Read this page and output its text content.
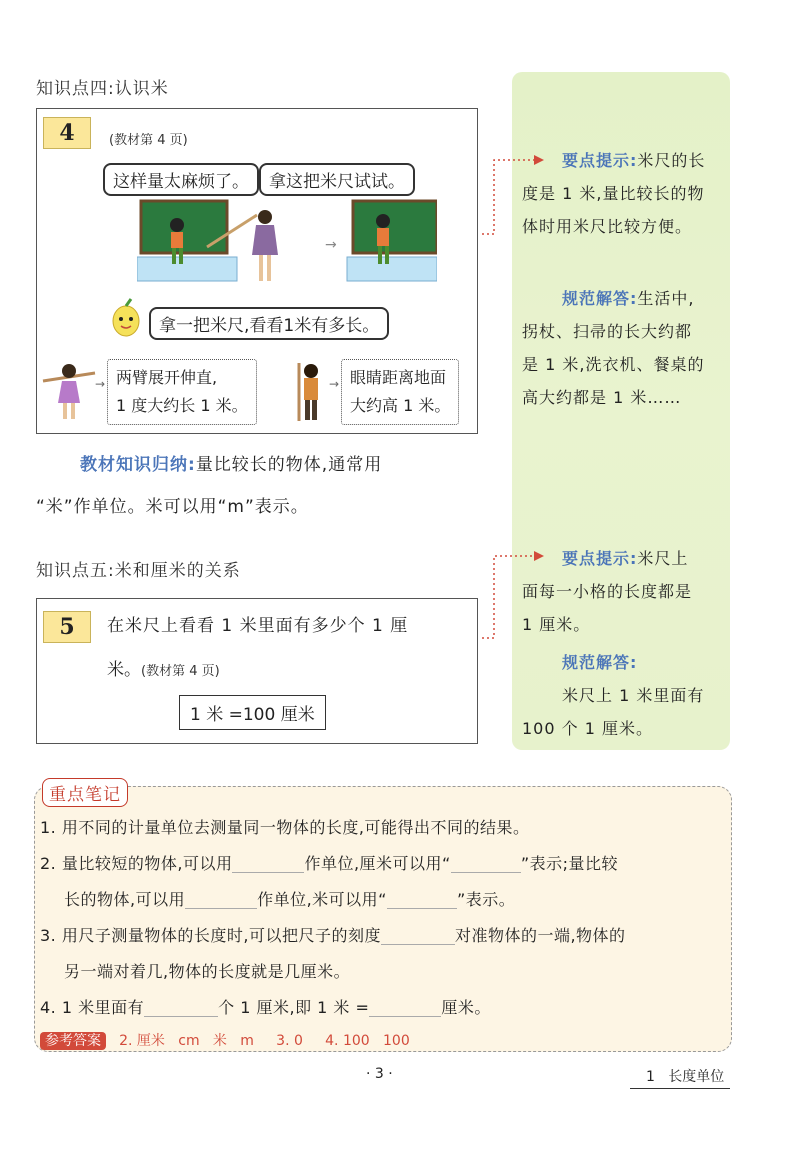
知识点四:认识米
4	(教材第 4 页)
这样量太麻烦了。	拿这把米尺试试。
→
拿一把米尺,看看1米有多长。
→ 两臂展开伸直,
1 度大约长 1 米。
→ 眼睛距离地面
大约高 1 米。
教材知识归纳:量比较长的物体,通常用
“米”作单位。米可以用“m”表示。
知识点五:米和厘米的关系
5	在米尺上看看 1 米里面有多少个 1 厘
米。(教材第 4 页)
1 米 =100 厘米
要点提示:米尺的长
度是 1 米,量比较长的物
体时用米尺比较方便。
规范解答:生活中,
拐杖、扫帚的长大约都
是 1 米,洗衣机、餐桌的
高大约都是 1 米……
要点提示:米尺上
面每一小格的长度都是
1 厘米。
规范解答:
米尺上 1 米里面有
100 个 1 厘米。
重点笔记
1. 用不同的计量单位去测量同一物体的长度,可能得出不同的结果。
2. 量比较短的物体,可以用	作单位,厘米可以用“	”表示;量比较
长的物体,可以用	作单位,米可以用“	”表示。
3. 用尺子测量物体的长度时,可以把尺子的刻度	对准物体的一端,物体的
另一端对着几,物体的长度就是几厘米。
4. 1 米里面有	个 1 厘米,即 1 米 =	厘米。
参考答案 2. 厘米   cm   米   m     3. 0     4. 100   100
· 3 ·	1   长度单位
